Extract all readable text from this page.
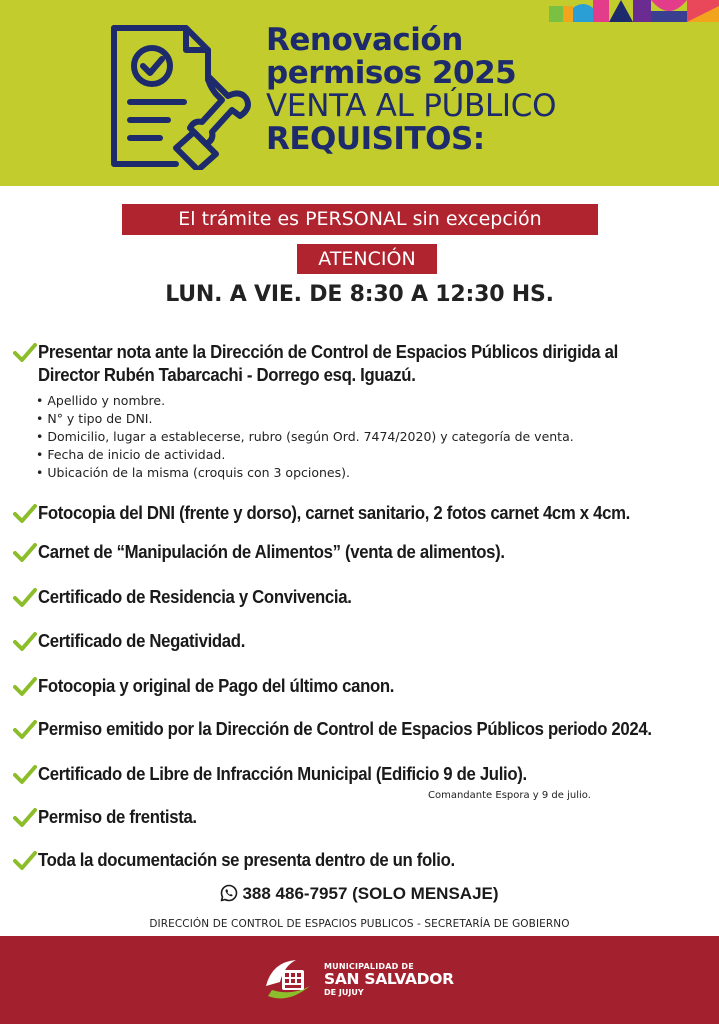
Renovación
permisos 2025
VENTA AL PÚBLICO
REQUISITOS:
El trámite es PERSONAL sin excepción
ATENCIÓN
LUN. A VIE. DE 8:30 A 12:30 HS.
Presentar nota ante la Dirección de Control de Espacios Públicos dirigida al
Director Rubén Tabarcachi - Dorrego esq. Iguazú.
• Apellido y nombre.
• N° y tipo de DNI.
• Domicilio, lugar a establecerse, rubro (según Ord. 7474/2020) y categoría de venta.
• Fecha de inicio de actividad.
• Ubicación de la misma (croquis con 3 opciones).
Fotocopia del DNI (frente y dorso), carnet sanitario, 2 fotos carnet 4cm x 4cm.
Carnet de “Manipulación de Alimentos” (venta de alimentos).
Certificado de Residencia y Convivencia.
Certificado de Negatividad.
Fotocopia y original de Pago del último canon.
Permiso emitido por la Dirección de Control de Espacios Públicos periodo 2024.
Certificado de Libre de Infracción Municipal (Edificio 9 de Julio).
Comandante Espora y 9 de julio.
Permiso de frentista.
Toda la documentación se presenta dentro de un folio.
388 486-7957 (SOLO MENSAJE)
DIRECCIÓN DE CONTROL DE ESPACIOS PUBLICOS - SECRETARÍA DE GOBIERNO
MUNICIPALIDAD DE
SAN SALVADOR
DE JUJUY
